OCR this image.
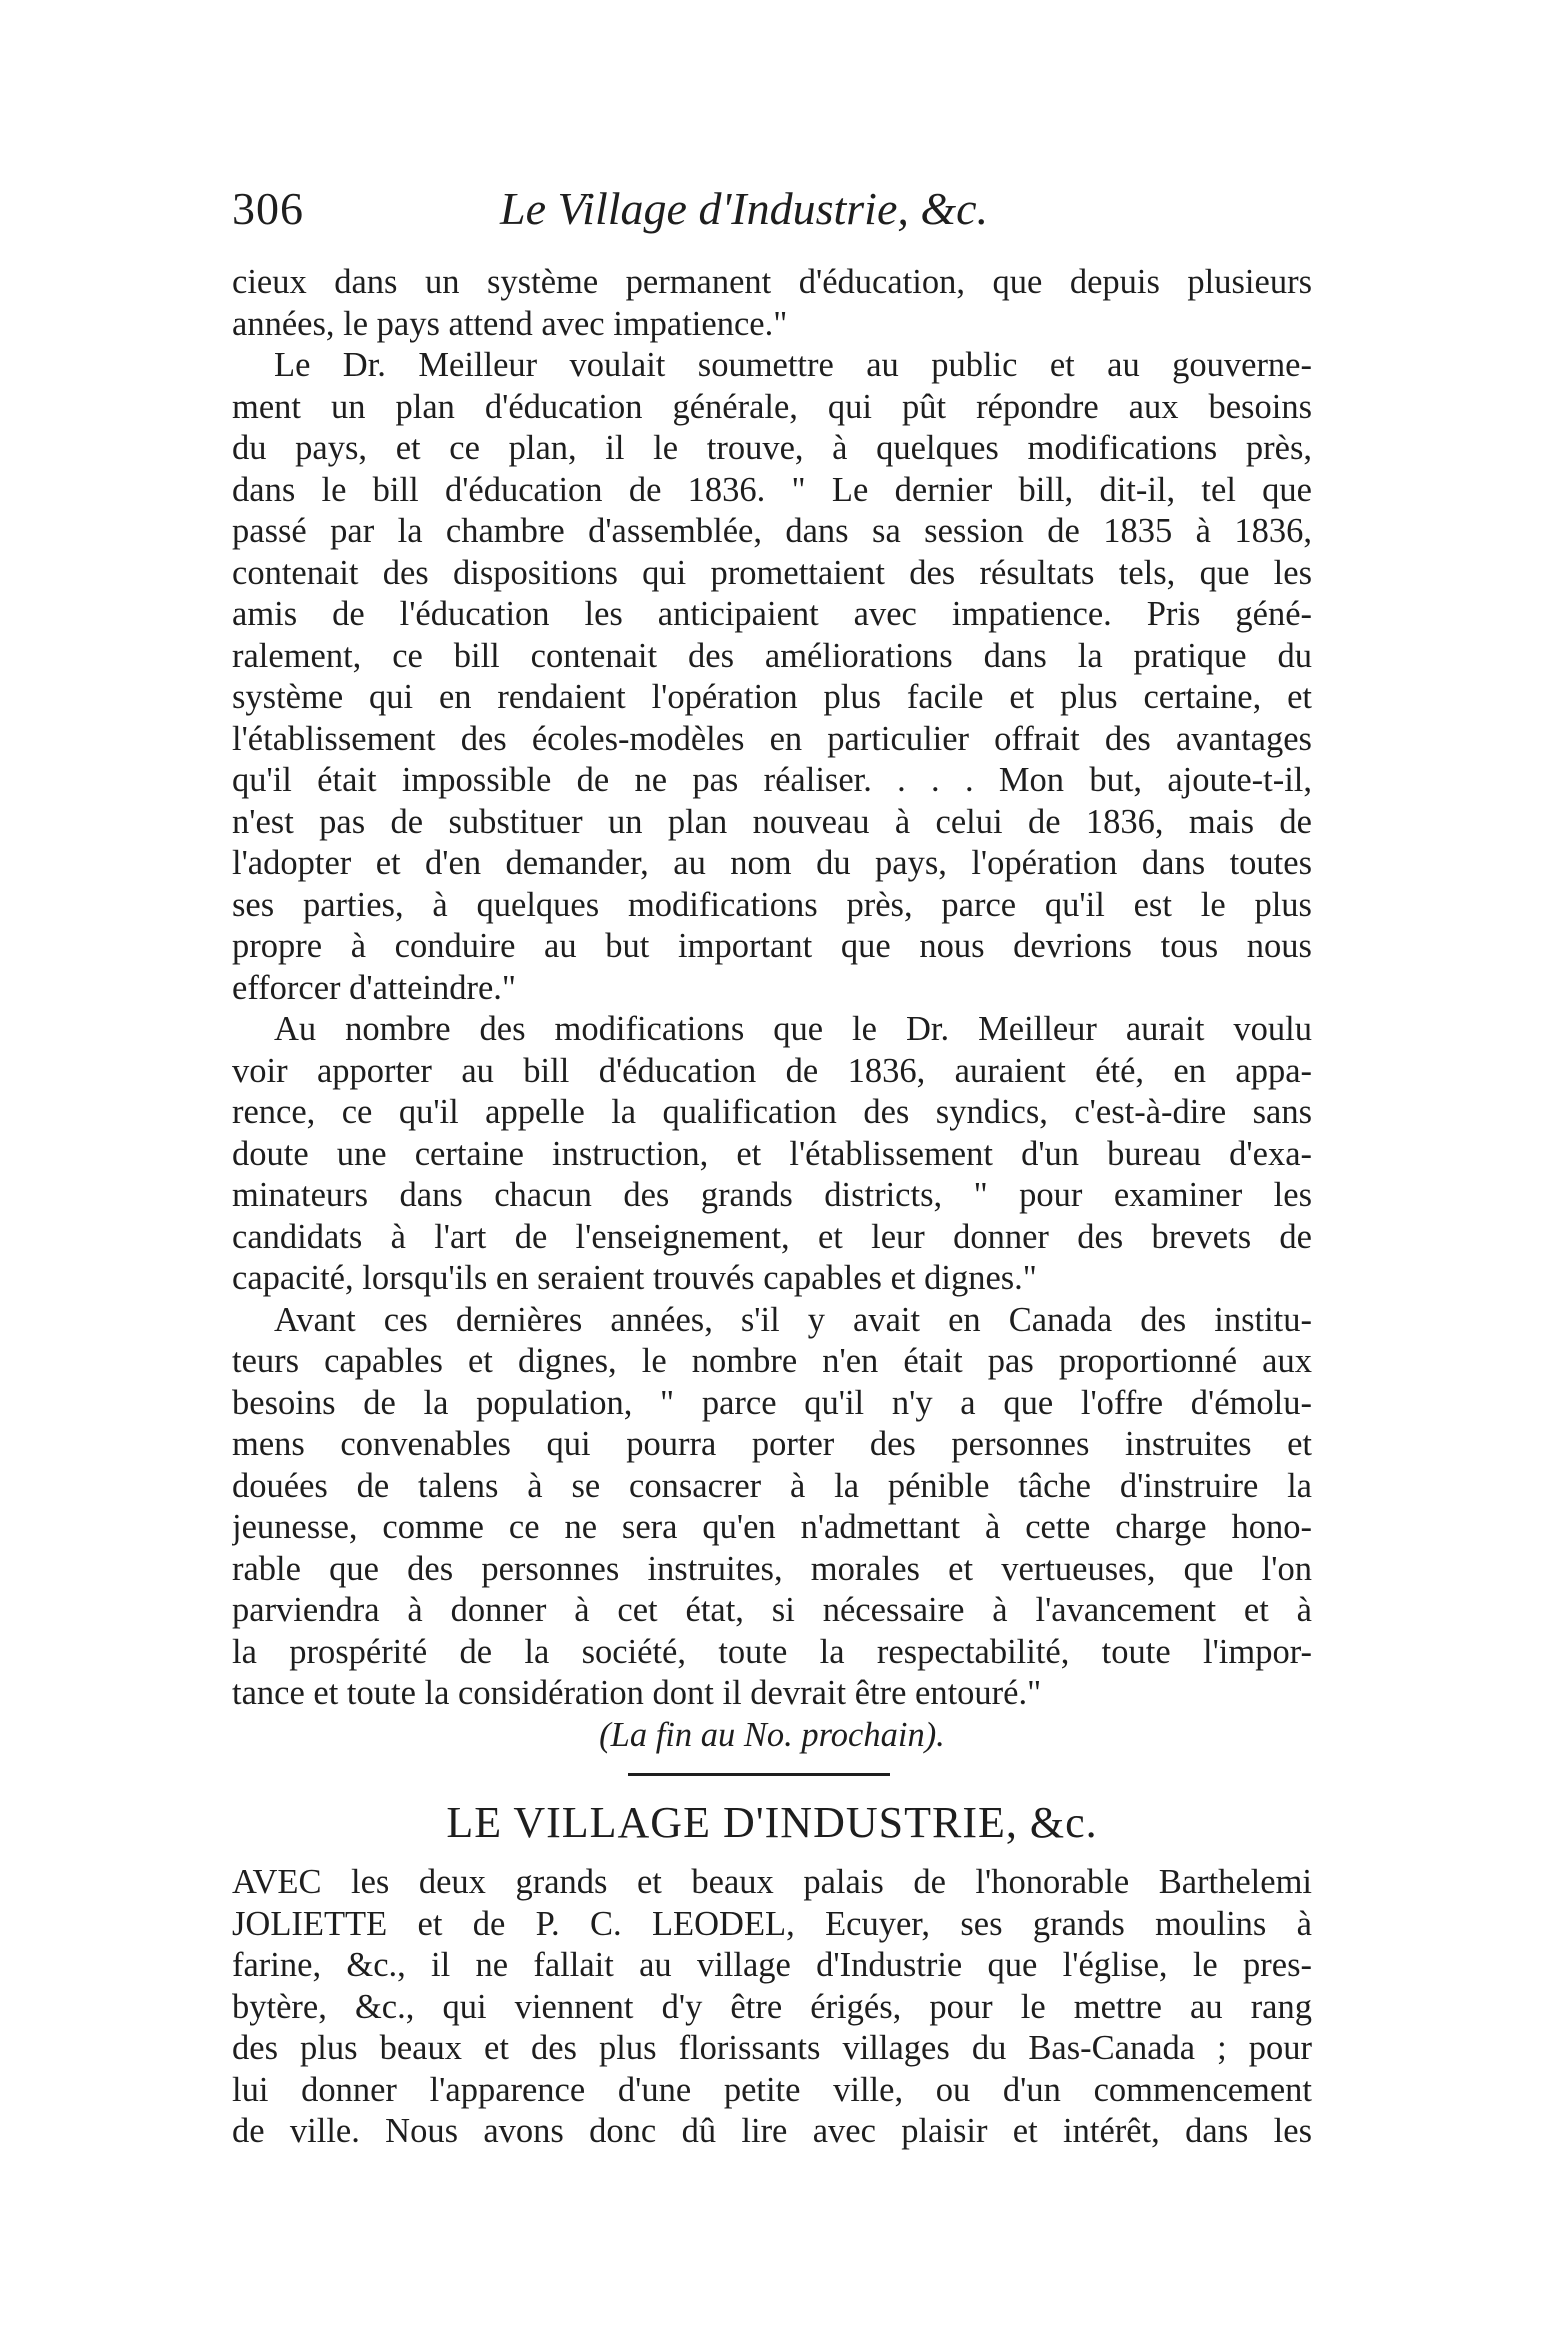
306	Le Village d'Industrie, &c.
cieux dans un système permanent d'éducation, que depuis plusieurs
années, le pays attend avec impatience."
Le Dr. Meilleur voulait soumettre au public et au gouverne-
ment un plan d'éducation générale, qui pût répondre aux besoins
du pays, et ce plan, il le trouve, à quelques modifications près,
dans le bill d'éducation de 1836. " Le dernier bill, dit-il, tel que
passé par la chambre d'assemblée, dans sa session de 1835 à 1836,
contenait des dispositions qui promettaient des résultats tels, que les
amis de l'éducation les anticipaient avec impatience. Pris géné-
ralement, ce bill contenait des améliorations dans la pratique du
système qui en rendaient l'opération plus facile et plus certaine, et
l'établissement des écoles-modèles en particulier offrait des avantages
qu'il était impossible de ne pas réaliser. . . . Mon but, ajoute-t-il,
n'est pas de substituer un plan nouveau à celui de 1836, mais de
l'adopter et d'en demander, au nom du pays, l'opération dans toutes
ses parties, à quelques modifications près, parce qu'il est le plus
propre à conduire au but important que nous devrions tous nous
efforcer d'atteindre."
Au nombre des modifications que le Dr. Meilleur aurait voulu
voir apporter au bill d'éducation de 1836, auraient été, en appa-
rence, ce qu'il appelle la qualification des syndics, c'est-à-dire sans
doute une certaine instruction, et l'établissement d'un bureau d'exa-
minateurs dans chacun des grands districts, " pour examiner les
candidats à l'art de l'enseignement, et leur donner des brevets de
capacité, lorsqu'ils en seraient trouvés capables et dignes."
Avant ces dernières années, s'il y avait en Canada des institu-
teurs capables et dignes, le nombre n'en était pas proportionné aux
besoins de la population, " parce qu'il n'y a que l'offre d'émolu-
mens convenables qui pourra porter des personnes instruites et
douées de talens à se consacrer à la pénible tâche d'instruire la
jeunesse, comme ce ne sera qu'en n'admettant à cette charge hono-
rable que des personnes instruites, morales et vertueuses, que l'on
parviendra à donner à cet état, si nécessaire à l'avancement et à
la prospérité de la société, toute la respectabilité, toute l'impor-
tance et toute la considération dont il devrait être entouré."
(La fin au No. prochain).
LE VILLAGE D'INDUSTRIE, &c.
AVEC les deux grands et beaux palais de l'honorable Barthelemi
JOLIETTE et de P. C. LEODEL, Ecuyer, ses grands moulins à
farine, &c., il ne fallait au village d'Industrie que l'église, le pres-
bytère, &c., qui viennent d'y être érigés, pour le mettre au rang
des plus beaux et des plus florissants villages du Bas-Canada ; pour
lui donner l'apparence d'une petite ville, ou d'un commencement
de ville. Nous avons donc dû lire avec plaisir et intérêt, dans les
